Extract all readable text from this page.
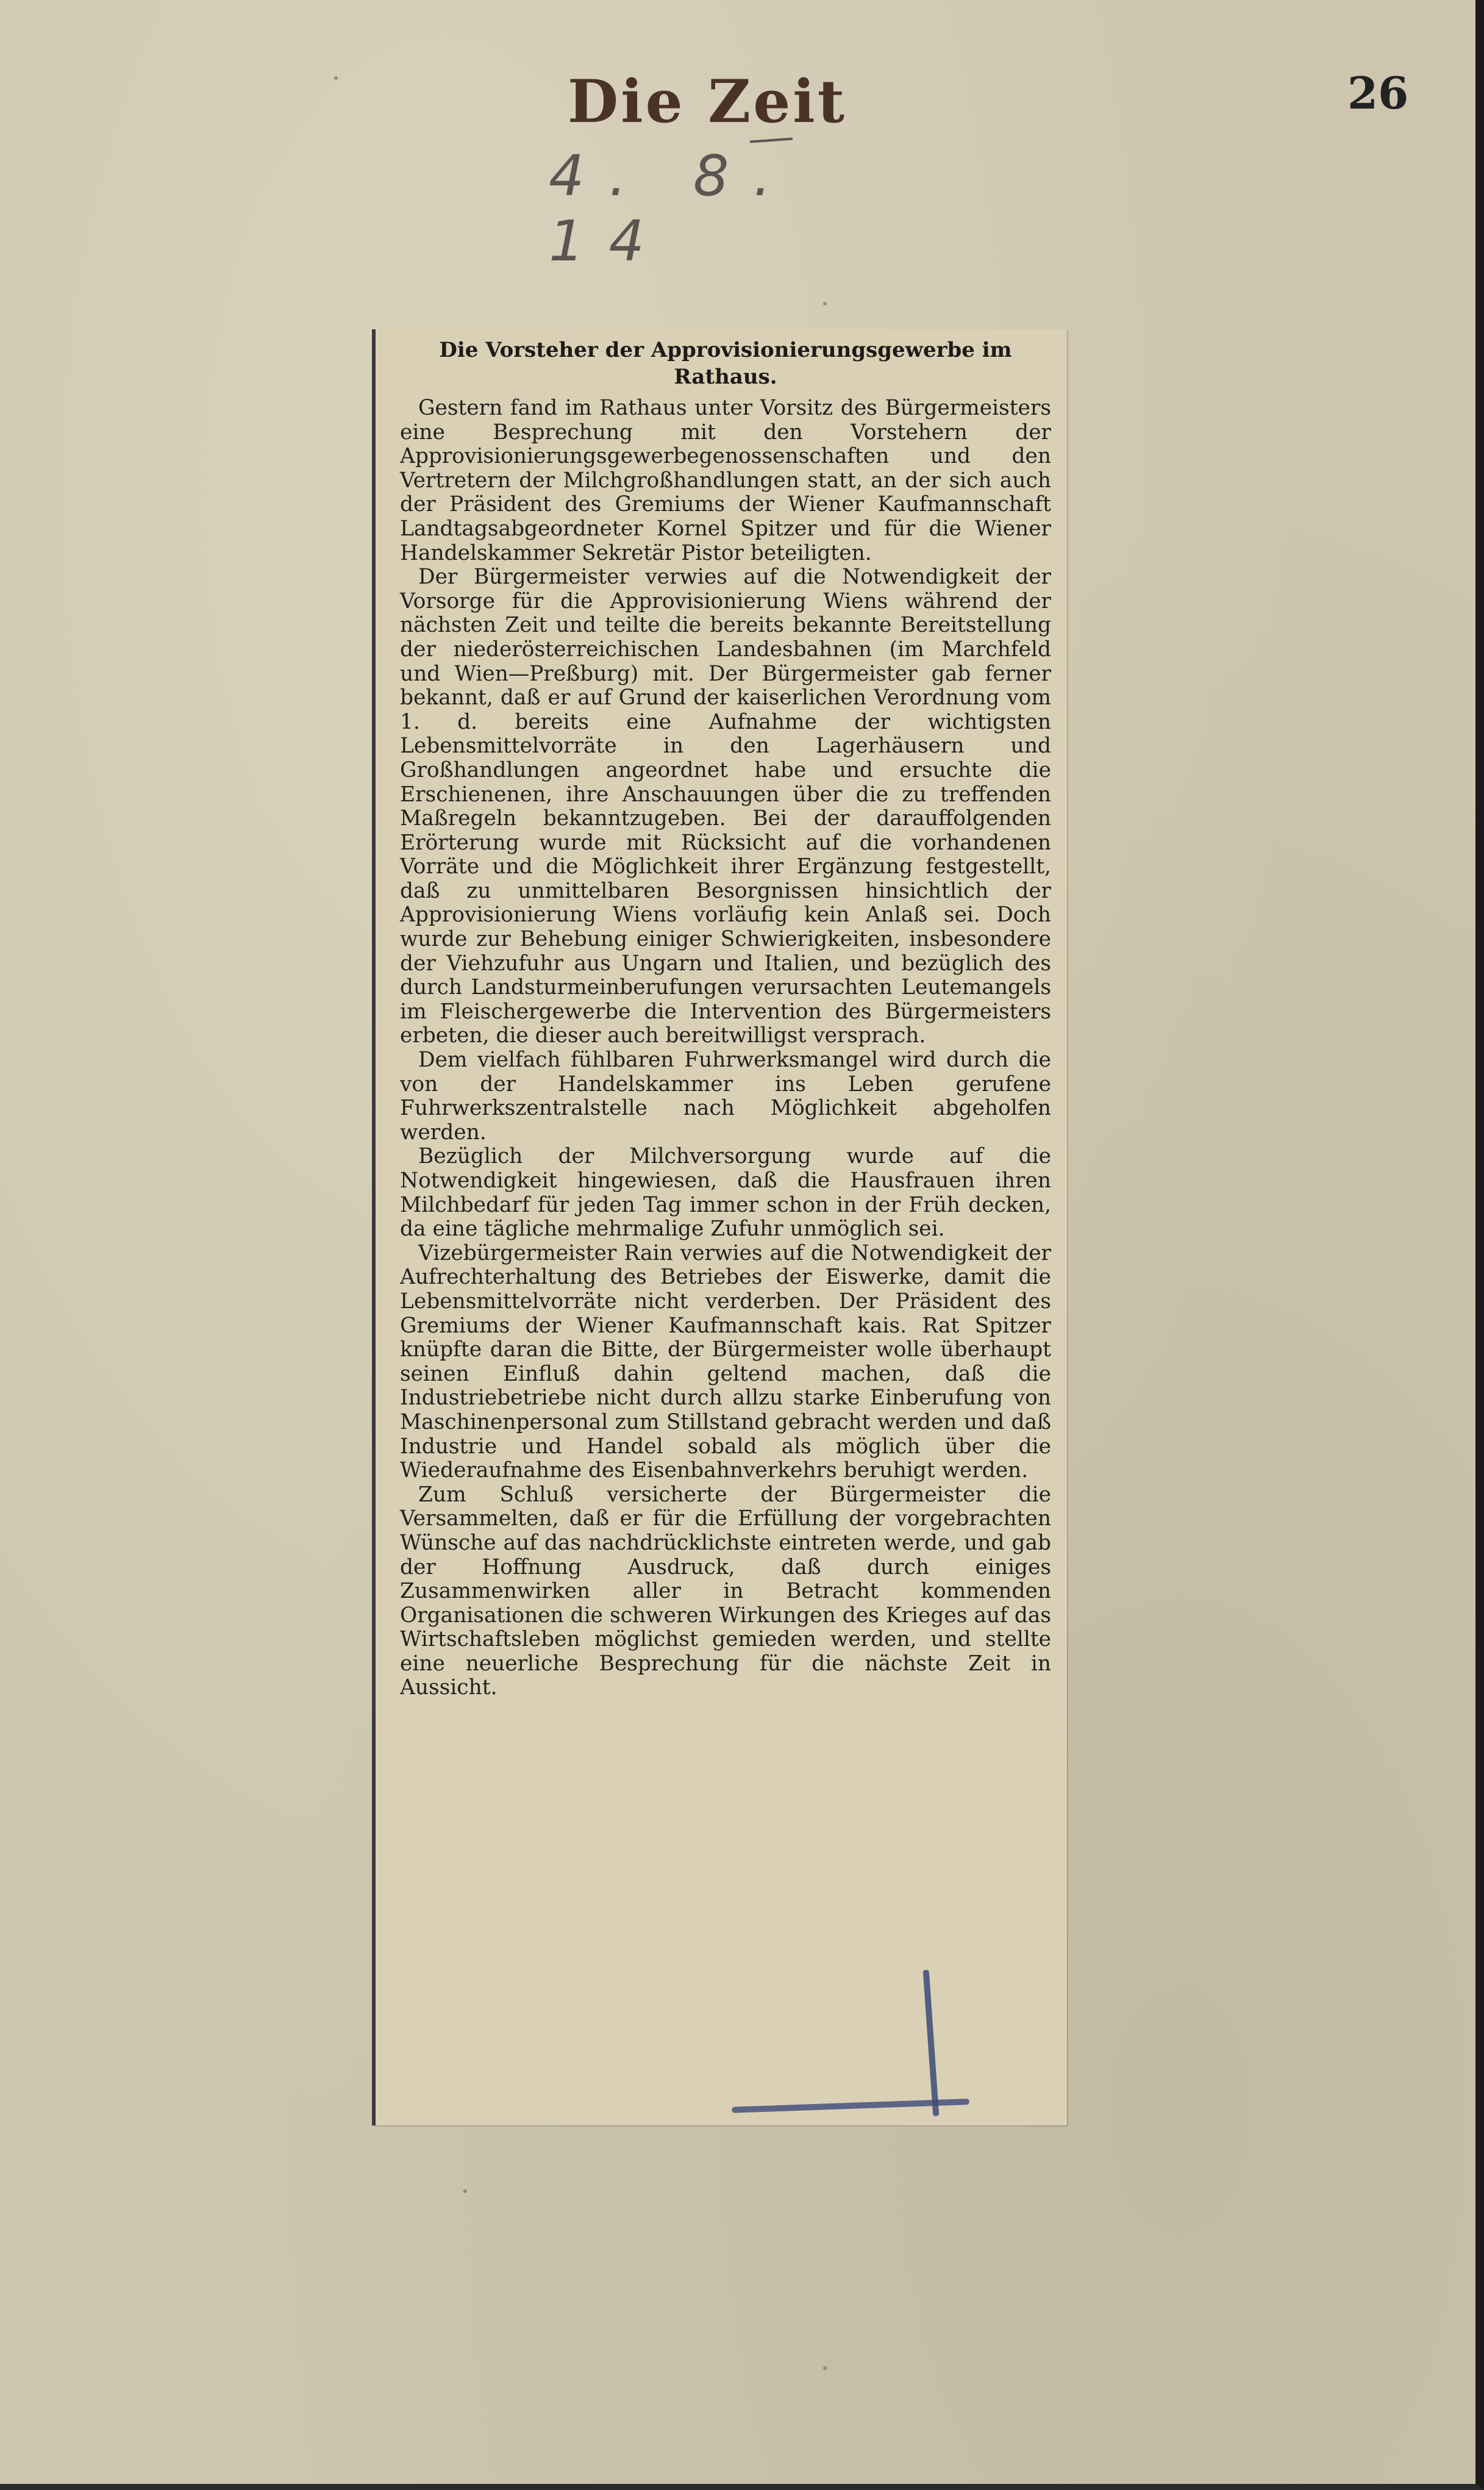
Die Zeit
4. 8. 14
26
Die Vorsteher der Approvisionierungsgewerbe im Rathaus.

Gestern fand im Rathaus unter Vorsitz des Bürgermeisters eine Besprechung mit den Vorstehern der Approvisionierungsgewerbegenossenschaften und den Vertretern der Milchgroßhandlungen statt, an der sich auch der Präsident des Gremiums der Wiener Kaufmannschaft Landtagsabgeordneter Kornel Spitzer und für die Wiener Handelskammer Sekretär Pistor beteiligten.

Der Bürgermeister verwies auf die Notwendigkeit der Vorsorge für die Approvisionierung Wiens während der nächsten Zeit und teilte die bereits bekannte Bereitstellung der niederösterreichischen Landesbahnen (im Marchfeld und Wien—Preßburg) mit. Der Bürgermeister gab ferner bekannt, daß er auf Grund der kaiserlichen Verordnung vom 1. d. bereits eine Aufnahme der wichtigsten Lebensmittelvorräte in den Lagerhäusern und Großhandlungen angeordnet habe und ersuchte die Erschienenen, ihre Anschauungen über die zu treffenden Maßregeln bekanntzugeben. Bei der darauffolgenden Erörterung wurde mit Rücksicht auf die vorhandenen Vorräte und die Möglichkeit ihrer Ergänzung festgestellt, daß zu unmittelbaren Besorgnissen hinsichtlich der Approvisionierung Wiens vorläufig kein Anlaß sei. Doch wurde zur Behebung einiger Schwierigkeiten, insbesondere der Viehzufuhr aus Ungarn und Italien, und bezüglich des durch Landsturmeinberufungen verursachten Leutemangels im Fleischergewerbe die Intervention des Bürgermeisters erbeten, die dieser auch bereitwilligst versprach.

Dem vielfach fühlbaren Fuhrwerksmangel wird durch die von der Handelskammer ins Leben gerufene Fuhrwerkszentralstelle nach Möglichkeit abgeholfen werden.

Bezüglich der Milchversorgung wurde auf die Notwendigkeit hingewiesen, daß die Hausfrauen ihren Milchbedarf für jeden Tag immer schon in der Früh decken, da eine tägliche mehrmalige Zufuhr unmöglich sei.

Vizebürgermeister Rain verwies auf die Notwendigkeit der Aufrechterhaltung des Betriebes der Eiswerke, damit die Lebensmittelvorräte nicht verderben. Der Präsident des Gremiums der Wiener Kaufmannschaft kais. Rat Spitzer knüpfte daran die Bitte, der Bürgermeister wolle überhaupt seinen Einfluß dahin geltend machen, daß die Industriebetriebe nicht durch allzu starke Einberufung von Maschinenpersonal zum Stillstand gebracht werden und daß Industrie und Handel sobald als möglich über die Wiederaufnahme des Eisenbahnverkehrs beruhigt werden.

Zum Schluß versicherte der Bürgermeister die Versammelten, daß er für die Erfüllung der vorgebrachten Wünsche auf das nachdrücklichste eintreten werde, und gab der Hoffnung Ausdruck, daß durch einiges Zusammenwirken aller in Betracht kommenden Organisationen die schweren Wirkungen des Krieges auf das Wirtschaftsleben möglichst gemieden werden, und stellte eine neuerliche Besprechung für die nächste Zeit in Aussicht.
